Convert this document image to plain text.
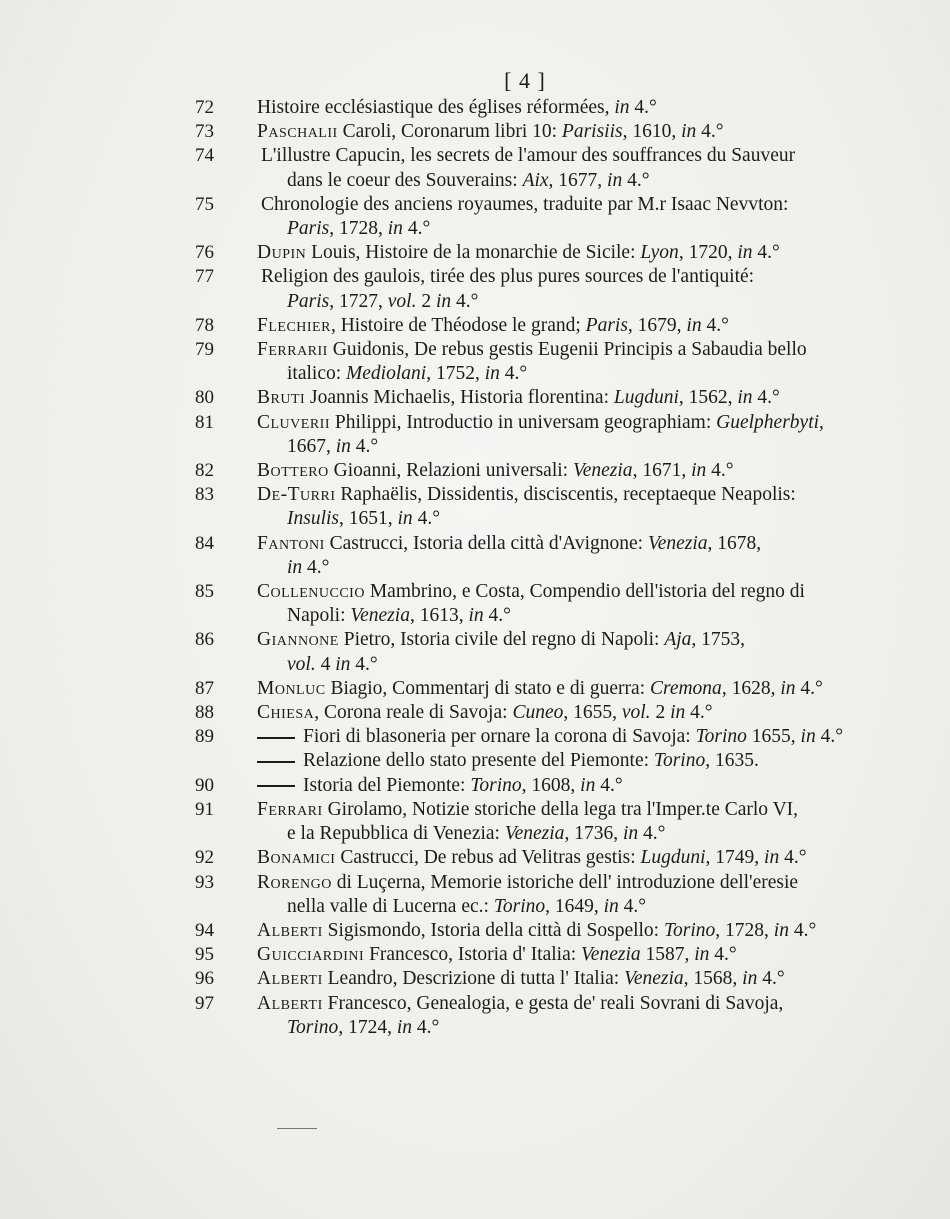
[ 4 ]
72	Histoire ecclésiastique des églises réformées, in 4.°
73	Paschalii Caroli, Coronarum libri 10: Parisiis, 1610, in 4.°
74	L'illustre Capucin, les secrets de l'amour des souffrances du Sauveur
dans le coeur des Souverains: Aix, 1677, in 4.°
75	Chronologie des anciens royaumes, traduite par M.r Isaac Nevvton:
Paris, 1728, in 4.°
76	Dupin Louis, Histoire de la monarchie de Sicile: Lyon, 1720, in 4.°
77	Religion des gaulois, tirée des plus pures sources de l'antiquité:
Paris, 1727, vol. 2 in 4.°
78	Flechier, Histoire de Théodose le grand; Paris, 1679, in 4.°
79	Ferrarii Guidonis, De rebus gestis Eugenii Principis a Sabaudia bello
italico: Mediolani, 1752, in 4.°
80	Bruti Joannis Michaelis, Historia florentina: Lugduni, 1562, in 4.°
81	Cluverii Philippi, Introductio in universam geographiam: Guelpherbyti,
1667, in 4.°
82	Bottero Gioanni, Relazioni universali: Venezia, 1671, in 4.°
83	De-Turri Raphaëlis, Dissidentis, disciscentis, receptaeque Neapolis:
Insulis, 1651, in 4.°
84	Fantoni Castrucci, Istoria della città d'Avignone: Venezia, 1678,
in 4.°
85	Collenuccio Mambrino, e Costa, Compendio dell'istoria del regno di
Napoli: Venezia, 1613, in 4.°
86	Giannone Pietro, Istoria civile del regno di Napoli: Aja, 1753,
vol. 4 in 4.°
87	Monluc Biagio, Commentarj di stato e di guerra: Cremona, 1628, in 4.°
88	Chiesa, Corona reale di Savoja: Cuneo, 1655, vol. 2 in 4.°
89	Fiori di blasoneria per ornare la corona di Savoja: Torino 1655, in 4.°
Relazione dello stato presente del Piemonte: Torino, 1635.
90	Istoria del Piemonte: Torino, 1608, in 4.°
91	Ferrari Girolamo, Notizie storiche della lega tra l'Imper.te Carlo VI,
e la Repubblica di Venezia: Venezia, 1736, in 4.°
92	Bonamici Castrucci, De rebus ad Velitras gestis: Lugduni, 1749, in 4.°
93	Rorengo di Luçerna, Memorie istoriche dell' introduzione dell'eresie
nella valle di Lucerna ec.: Torino, 1649, in 4.°
94	Alberti Sigismondo, Istoria della città di Sospello: Torino, 1728, in 4.°
95	Guicciardini Francesco, Istoria d' Italia: Venezia 1587, in 4.°
96	Alberti Leandro, Descrizione di tutta l' Italia: Venezia, 1568, in 4.°
97	Alberti Francesco, Genealogia, e gesta de' reali Sovrani di Savoja,
Torino, 1724, in 4.°
